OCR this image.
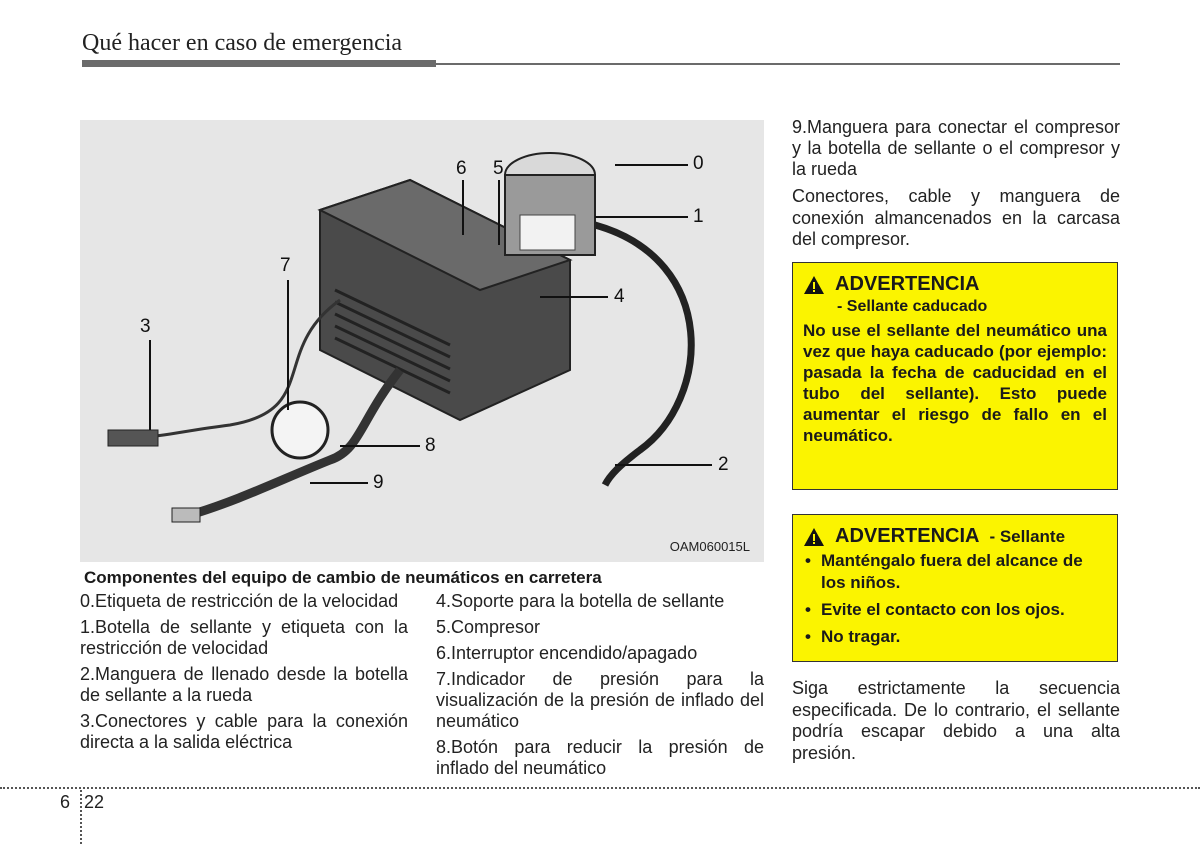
Qué hacer en caso de emergencia
0
1
2
3
4
5
6
7
8
9
OAM060015L
Componentes del equipo de cambio de neumáticos en carretera
0.Etiqueta de restricción de la velocidad
1.Botella de sellante y etiqueta con la restricción de velocidad
2.Manguera de llenado desde la botella de sellante a la rueda
3.Conectores y cable para la conexión directa a la salida eléctrica
4.Soporte para la botella de sellante
5.Compresor
6.Interruptor encendido/apagado
7.Indicador de presión para la visualización de la presión de inflado del neumático
8.Botón para reducir la presión de inflado del neumático
9.Manguera para conectar el compresor y la botella de sellante o el compresor y la rueda

Conectores, cable y manguera de conexión almancenados en la carcasa del compresor.

ADVERTENCIA
- Sellante caducado

No use el sellante del neumático una vez que haya caducado (por ejemplo: pasada la fecha de caducidad en el tubo del sellante). Esto puede aumentar el riesgo de fallo en el neumático.

ADVERTENCIA - Sellante
• Manténgalo fuera del alcance de los niños.
• Evite el contacto con los ojos.
• No tragar.

Siga estrictamente la secuencia especificada. De lo contrario, el sellante podría escapar debido a una alta presión.

6 22
